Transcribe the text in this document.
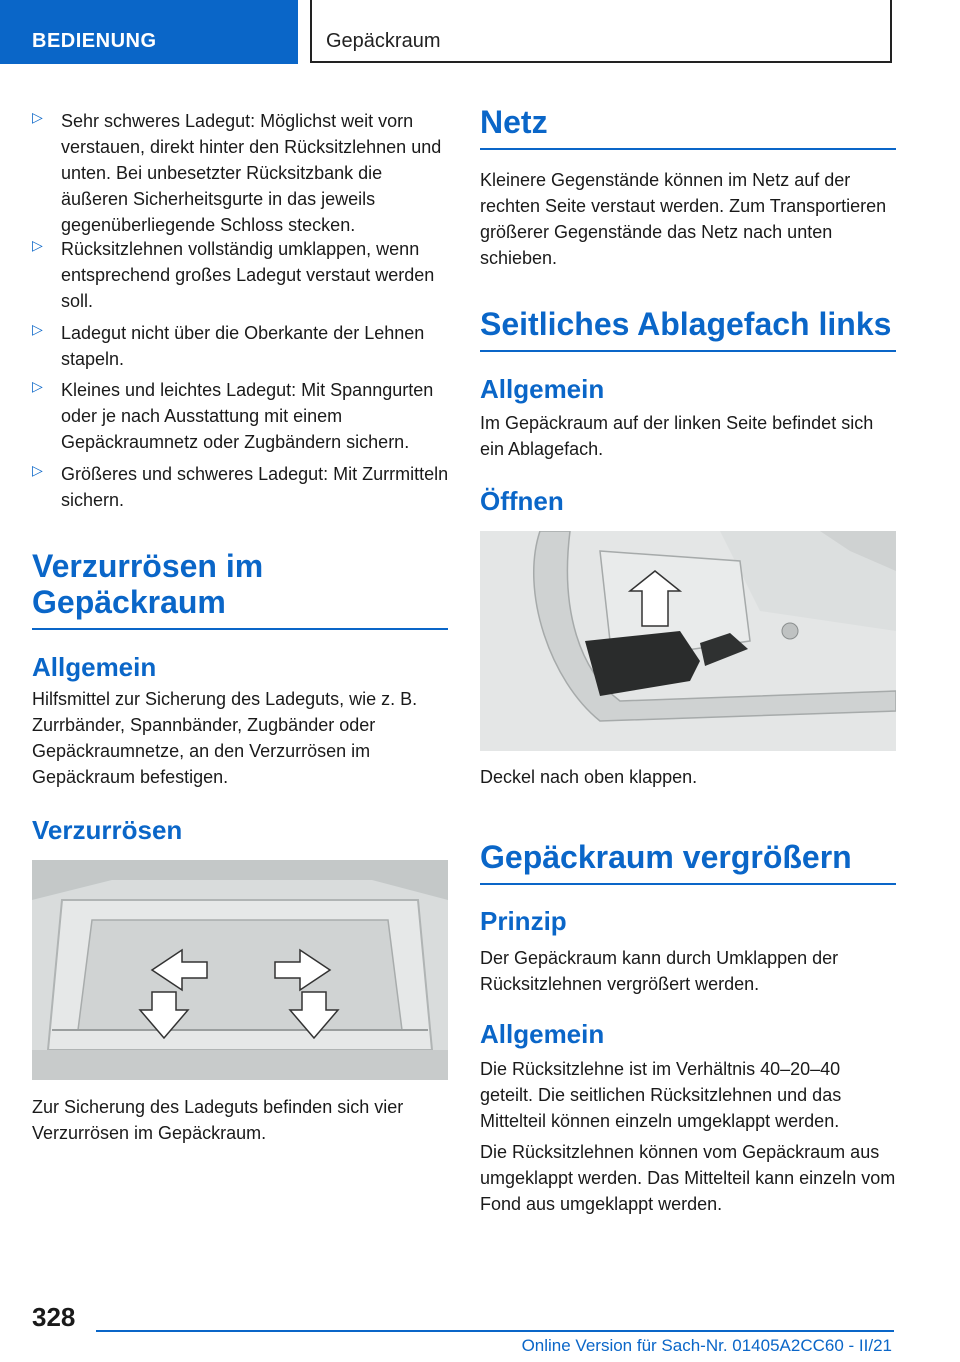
BEDIENUNG	Gepäckraum
▷ Sehr schweres Ladegut: Möglichst weit vorn verstauen, direkt hinter den Rücksitzlehnen und unten. Bei unbesetzter Rücksitzbank die äußeren Sicherheitsgurte in das jeweils gegenüberliegende Schloss stecken.
▷ Rücksitzlehnen vollständig umklappen, wenn entsprechend großes Ladegut verstaut werden soll.
▷ Ladegut nicht über die Oberkante der Lehnen stapeln.
▷ Kleines und leichtes Ladegut: Mit Spanngurten oder je nach Ausstattung mit einem Gepäckraumnetz oder Zugbändern sichern.
▷ Größeres und schweres Ladegut: Mit Zurrmitteln sichern.
Verzurrösen im Gepäckraum
Allgemein
Hilfsmittel zur Sicherung des Ladeguts, wie z. B. Zurrbänder, Spannbänder, Zugbänder oder Gepäckraumnetze, an den Verzurrösen im Gepäckraum befestigen.
Verzurrösen
Zur Sicherung des Ladeguts befinden sich vier Verzurrösen im Gepäckraum.
Netz
Kleinere Gegenstände können im Netz auf der rechten Seite verstaut werden. Zum Transportieren größerer Gegenstände das Netz nach unten schieben.
Seitliches Ablagefach links
Allgemein
Im Gepäckraum auf der linken Seite befindet sich ein Ablagefach.
Öffnen
Deckel nach oben klappen.
Gepäckraum vergrößern
Prinzip
Der Gepäckraum kann durch Umklappen der Rücksitzlehnen vergrößert werden.
Allgemein
Die Rücksitzlehne ist im Verhältnis 40–20–40 geteilt. Die seitlichen Rücksitzlehnen und das Mittelteil können einzeln umgeklappt werden.
Die Rücksitzlehnen können vom Gepäckraum aus umgeklappt werden. Das Mittelteil kann einzeln vom Fond aus umgeklappt werden.
328
Online Version für Sach-Nr. 01405A2CC60 - II/21
